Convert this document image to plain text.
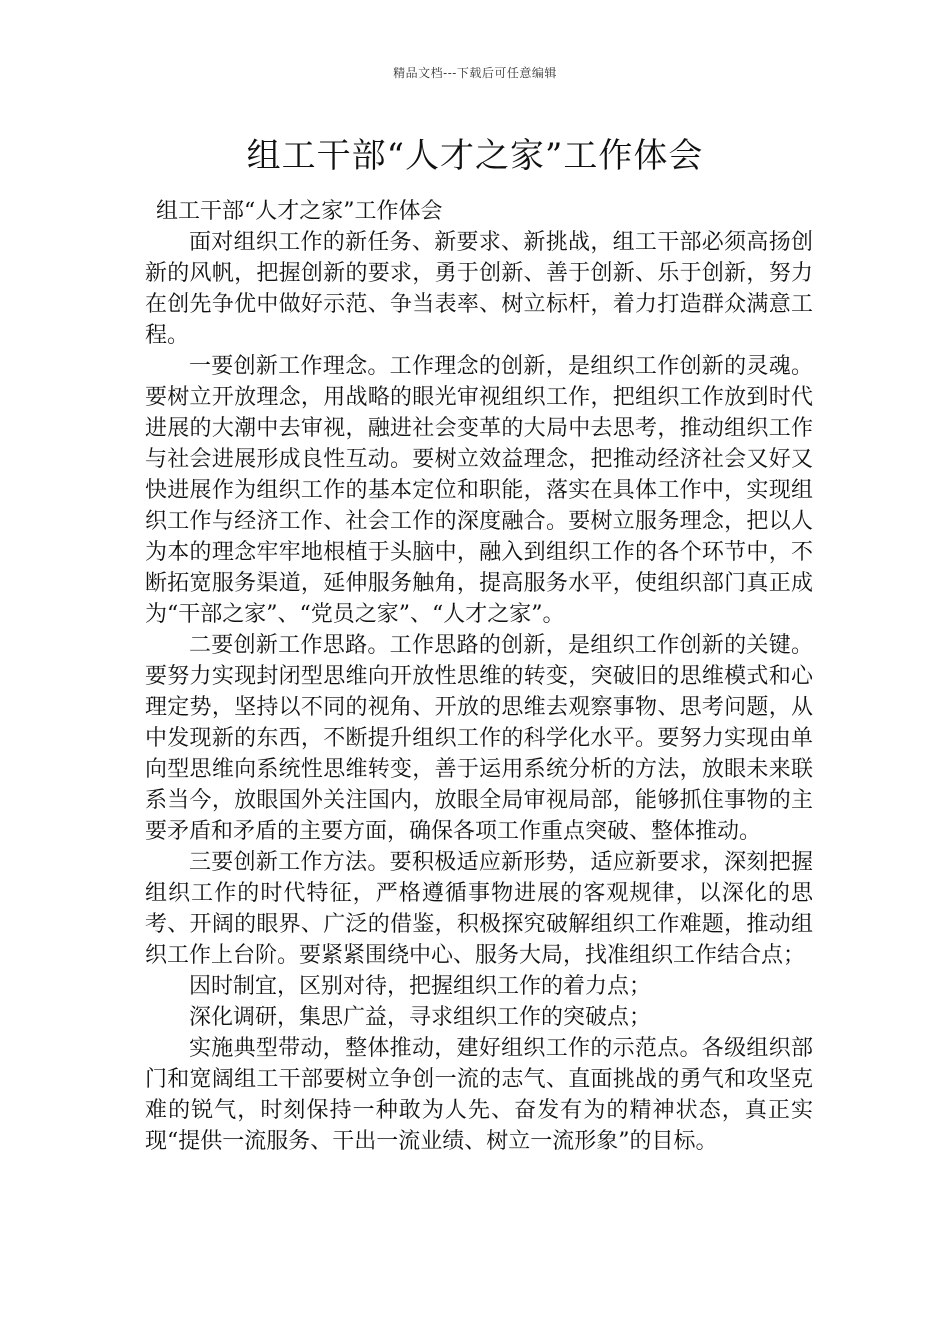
精品文档---下载后可任意编辑
组工干部“人才之家”工作体会

组工干部“人才之家”工作体会

面对组织工作的新任务、新要求、新挑战，组工干部必须高扬创新的风帆，把握创新的要求，勇于创新、善于创新、乐于创新，努力在创先争优中做好示范、争当表率、树立标杆，着力打造群众满意工程。

一要创新工作理念。工作理念的创新，是组织工作创新的灵魂。要树立开放理念，用战略的眼光审视组织工作，把组织工作放到时代进展的大潮中去审视，融进社会变革的大局中去思考，推动组织工作与社会进展形成良性互动。要树立效益理念，把推动经济社会又好又快进展作为组织工作的基本定位和职能，落实在具体工作中，实现组织工作与经济工作、社会工作的深度融合。要树立服务理念，把以人为本的理念牢牢地根植于头脑中，融入到组织工作的各个环节中，不断拓宽服务渠道，延伸服务触角，提高服务水平，使组织部门真正成为“干部之家”、“党员之家”、“人才之家”。

二要创新工作思路。工作思路的创新，是组织工作创新的关键。要努力实现封闭型思维向开放性思维的转变，突破旧的思维模式和心理定势，坚持以不同的视角、开放的思维去观察事物、思考问题，从中发现新的东西，不断提升组织工作的科学化水平。要努力实现由单向型思维向系统性思维转变，善于运用系统分析的方法，放眼未来联系当今，放眼国外关注国内，放眼全局审视局部，能够抓住事物的主要矛盾和矛盾的主要方面，确保各项工作重点突破、整体推动。

三要创新工作方法。要积极适应新形势，适应新要求，深刻把握组织工作的时代特征，严格遵循事物进展的客观规律，以深化的思考、开阔的眼界、广泛的借鉴，积极探究破解组织工作难题，推动组织工作上台阶。要紧紧围绕中心、服务大局，找准组织工作结合点；

因时制宜，区别对待，把握组织工作的着力点；

深化调研，集思广益，寻求组织工作的突破点；

实施典型带动，整体推动，建好组织工作的示范点。各级组织部门和宽阔组工干部要树立争创一流的志气、直面挑战的勇气和攻坚克难的锐气，时刻保持一种敢为人先、奋发有为的精神状态，真正实现“提供一流服务、干出一流业绩、树立一流形象”的目标。
